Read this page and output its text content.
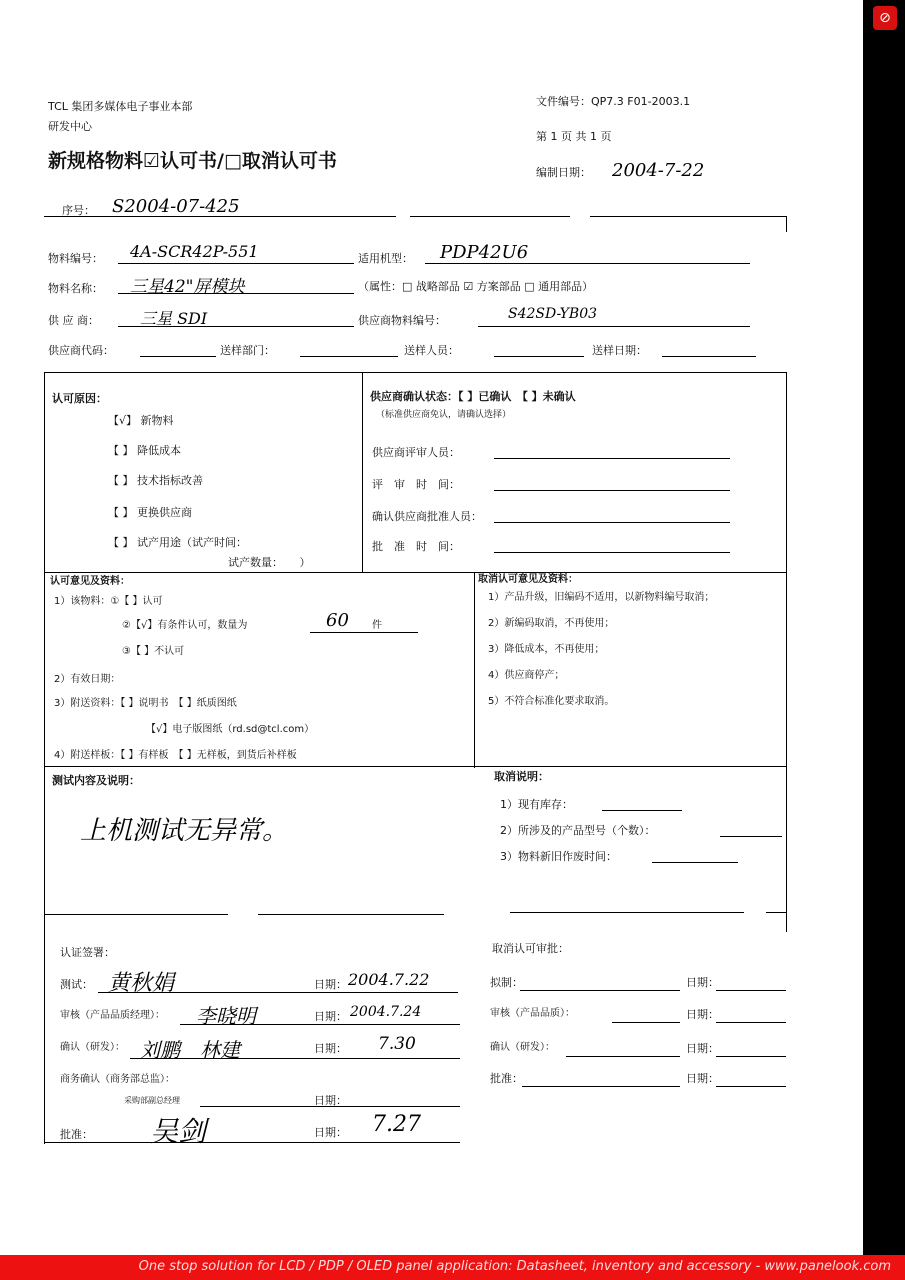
⊘
One stop solution for LCD / PDP / OLED panel application: Datasheet, inventory and accessory - www.panelook.com
TCL 集团多媒体电子事业本部
研发中心
文件编号：QP7.3 F01-2003.1
第 1 页 共 1 页
编制日期： 2004-7-22
新规格物料☑认可书/□取消认可书
序号： S2004-07-425
物料编号： 4A-SCR42P-551	适用机型： PDP42U6
物料名称： 三星42"屏模块	（属性：□ 战略部品 ☑ 方案部品 □ 通用部品）
供 应 商：	三星 SDI	供应商物料编号：	S42SD-YB03
供应商代码：	送样部门：	送样人员：	送样日期：
认可原因：
【√】 新物料
【 】 降低成本
【 】 技术指标改善
【 】 更换供应商
【 】 试产用途（试产时间：
试产数量：　　）
供应商确认状态：【 】已确认　【 】未确认
（标准供应商免认，请确认选择）
供应商评审人员：
评　审　时　间：
确认供应商批准人员：
批　准　时　间：
认可意见及资料：
1）该物料：①【 】认可
②【√】有条件认可，数量为	60 件
③【 】不认可
2）有效日期：
3）附送资料：【 】说明书　【 】纸质图纸
【√】电子版图纸（rd.sd@tcl.com）
4）附送样板：【 】有样板　【 】无样板，到货后补样板
取消认可意见及资料：
1）产品升级，旧编码不适用，以新物料编号取消；
2）新编码取消，不再使用；
3）降低成本，不再使用；
4）供应商停产；
5）不符合标准化要求取消。
测试内容及说明：
上机测试无异常。
取消说明：
1）现有库存：
2）所涉及的产品型号（个数）：
3）物料新旧作废时间：
认证签署：
测试： 黄秋娟	日期： 2004.7.22
审核（产品品质经理）： 李晓明	日期： 2004.7.24
确认（研发）： 刘鹏　林建	日期： 7.30
商务确认（商务部总监）：
采购部副总经理	日期：
批准： 吴剑	日期： 7.27
取消认可审批：
拟制：	日期：
审核（产品品质）：	日期：
确认（研发）：	日期：
批准：	日期：
